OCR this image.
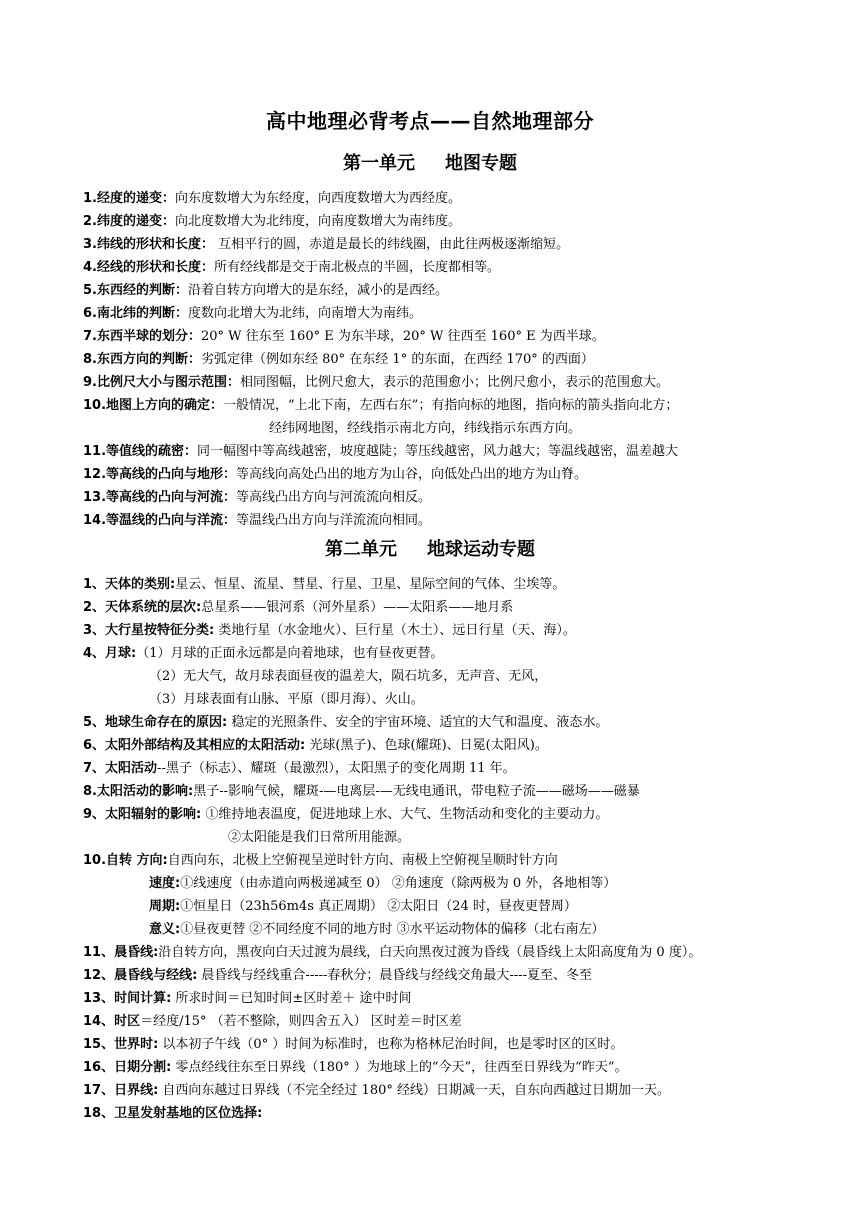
高中地理必背考点——自然地理部分
第一单元 地图专题
1.经度的递变：向东度数增大为东经度，向西度数增大为西经度。
2.纬度的递变：向北度数增大为北纬度，向南度数增大为南纬度。
3.纬线的形状和长度： 互相平行的圆，赤道是最长的纬线圈，由此往两极逐渐缩短。
4.经线的形状和长度：所有经线都是交于南北极点的半圆，长度都相等。
5.东西经的判断：沿着自转方向增大的是东经，减小的是西经。
6.南北纬的判断：度数向北增大为北纬，向南增大为南纬。
7.东西半球的划分：20° W 往东至 160° E 为东半球，20° W 往西至 160° E 为西半球。
8.东西方向的判断：劣弧定律（例如东经 80° 在东经 1° 的东面，在西经 170° 的西面）
9.比例尺大小与图示范围：相同图幅，比例尺愈大，表示的范围愈小；比例尺愈小，表示的范围愈大。
10.地图上方向的确定：一般情况，“上北下南，左西右东”；有指向标的地图，指向标的箭头指向北方；
经纬网地图，经线指示南北方向，纬线指示东西方向。
11.等值线的疏密：同一幅图中等高线越密，坡度越陡；等压线越密，风力越大；等温线越密，温差越大
12.等高线的凸向与地形：等高线向高处凸出的地方为山谷，向低处凸出的地方为山脊。
13.等高线的凸向与河流：等高线凸出方向与河流流向相反。
14.等温线的凸向与洋流：等温线凸出方向与洋流流向相同。
第二单元 地球运动专题
1、天体的类别:星云、恒星、流星、彗星、行星、卫星、星际空间的气体、尘埃等。
2、天体系统的层次:总星系——银河系（河外星系）——太阳系——地月系
3、大行星按特征分类: 类地行星（水金地火）、巨行星（木土）、远日行星（天、海）。
4、月球:（1）月球的正面永远都是向着地球，也有昼夜更替。
（2）无大气，故月球表面昼夜的温差大，陨石坑多，无声音、无风，
（3）月球表面有山脉、平原（即月海）、火山。
5、地球生命存在的原因: 稳定的光照条件、安全的宇宙环境、适宜的大气和温度、液态水。
6、太阳外部结构及其相应的太阳活动: 光球(黑子)、色球(耀斑)、日冕(太阳风)。
7、太阳活动--黑子（标志）、耀斑（最激烈），太阳黑子的变化周期 11 年。
8.太阳活动的影响:黑子--影响气候，耀斑-—电离层-—无线电通讯，带电粒子流——磁场——磁暴
9、太阳辐射的影响: ①维持地表温度，促进地球上水、大气、生物活动和变化的主要动力。
②太阳能是我们日常所用能源。
10.自转 方向:自西向东，北极上空俯视呈逆时针方向、南极上空俯视呈顺时针方向
速度:①线速度（由赤道向两极递减至 0） ②角速度（除两极为 0 外，各地相等）
周期:①恒星日（23h56m4s 真正周期） ②太阳日（24 时，昼夜更替周）
意义:①昼夜更替 ②不同经度不同的地方时 ③水平运动物体的偏移（北右南左）
11、晨昏线:沿自转方向，黑夜向白天过渡为晨线，白天向黑夜过渡为昏线（晨昏线上太阳高度角为 0 度）。
12、晨昏线与经线: 晨昏线与经线重合-----春秋分；晨昏线与经线交角最大----夏至、冬至
13、时间计算: 所求时间＝已知时间±区时差＋ 途中时间
14、时区＝经度/15° （若不整除，则四舍五入） 区时差＝时区差
15、世界时: 以本初子午线（0° ）时间为标准时，也称为格林尼治时间，也是零时区的区时。
16、日期分割: 零点经线往东至日界线（180° ）为地球上的“今天”，往西至日界线为“昨天”。
17、日界线: 自西向东越过日界线（不完全经过 180° 经线）日期减一天，自东向西越过日期加一天。
18、卫星发射基地的区位选择:
